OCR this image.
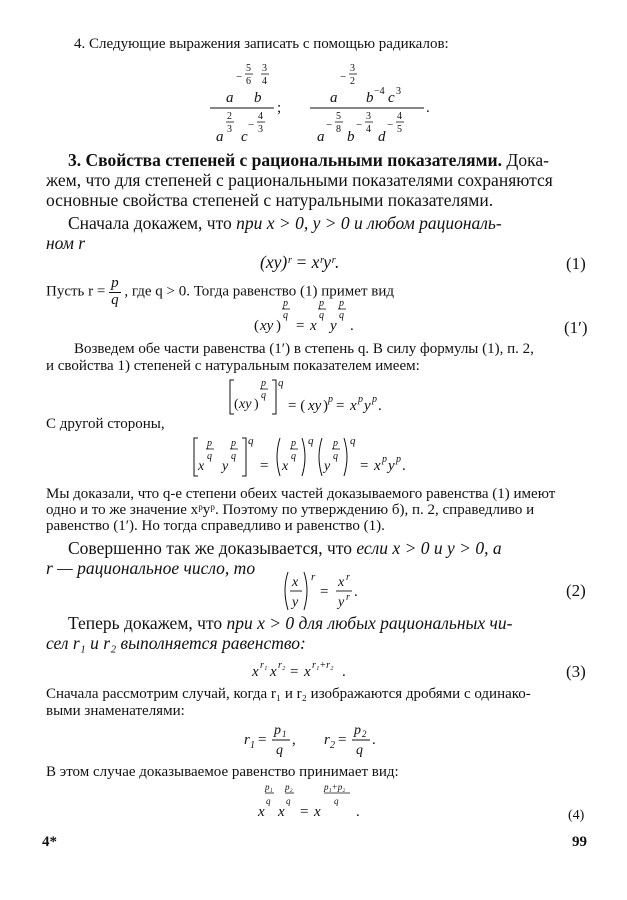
4. Следующие выражения записать с помощью радикалов:
a
−
5
6
b
3
4
a
2
3 c
−
4
3
;
a
−
3
2
b −4 c 3
a
−
5
8 b
−
3
4 d
−
4
5
.
3. Свойства степеней с рациональными показателями. Дока-
жем, что для степеней с рациональными показателями сохраняются
основные свойства степеней с натуральными показателями.
Сначала докажем, что при x > 0, y > 0 и любом рациональ-
ном r
(xy)ʳ = xʳyʳ.	(1)
Пусть $r = \frac{p}{q}$ , где q > 0. Тогда равенство (1) примет вид
( xy )
p
q
= x
p
q
y
p
q
.	(1′)
Возведем обе части равенства (1′) в степень q. В силу формулы (1), п. 2,
и свойства 1) степеней с натуральным показателем имеем:
( xy )
p
q
q
= ( xy ) p = x p y p .
С другой стороны,
x
p
q
y
p
q
q
= x
p
q
q
y
p
q
q
= x p y p .
Мы доказали, что q-е степени обеих частей доказываемого равенства (1) имеют
одно и то же значение xᵖyᵖ. Поэтому по утверждению б), п. 2, справедливо и
равенство (1′). Но тогда справедливо и равенство (1).
Совершенно так же доказывается, что если x > 0 и y > 0, а
r — рациональное число, то
x
y
r
=
x r
y r .	(2)
Теперь докажем, что при x > 0 для любых рациональных чи-
сел r₁ и r₂ выполняется равенство:
x r₁ x r₂ = x r₁+r₂ .	(3)
Сначала рассмотрим случай, когда r₁ и r₂ изображаются дробями с одинако-
выми знаменателями:
r 1 =
p 1
q
, r 2 =
p 2
q
.
В этом случае доказываемое равенство принимает вид:
x
p₁
q
x
p₂
q
= x
p₁+p₂
q
.	(4)
4*	99
